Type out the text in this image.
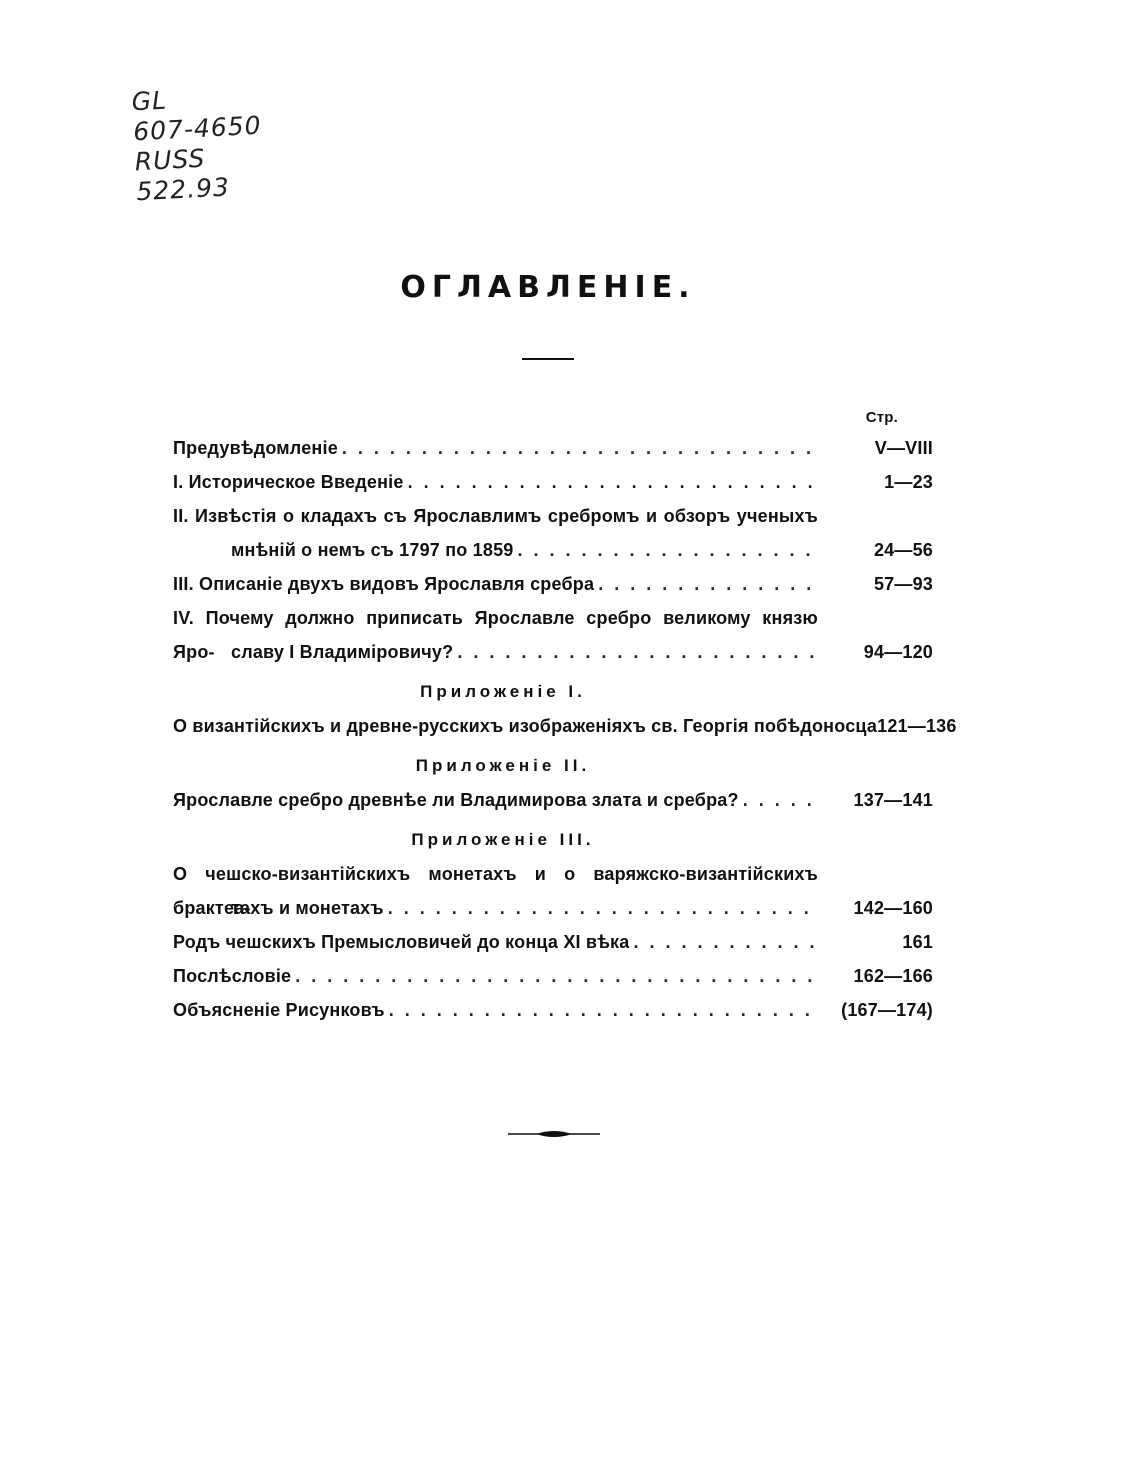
GL
607-4650
RUSS
522.93
ОГЛАВЛЕНІЕ.
Стр.
Предувѣдомленіе . . .	V—VIII
I. Историческое Введеніе . . .	1—23
II. Извѣстія о кладахъ съ Ярославлимъ сребромъ и обзоръ ученыхъ
мнѣній о немъ съ 1797 по 1859 . . .	24—56
III. Описаніе двухъ видовъ Ярославля сребра . . .	57—93
IV. Почему должно приписать Ярославле сребро великому князю Яро- славу I Владиміровичу? . . .	94—120
Приложеніе I.
О византійскихъ и древне-русскихъ изображеніяхъ св. Георгія побѣдоносца 121—136
Приложеніе II.
Ярославле сребро древнѣе ли Владимирова злата и сребра? . . .	137—141
Приложеніе III.
О чешско-византійскихъ монетахъ и о варяжско-византійскихъ брактеа-
тахъ и монетахъ . . .	142—160
Родъ чешскихъ Премысловичей до конца XI вѣка . . .	161
Послѣсловіе . . .	162—166
Объясненіе Рисунковъ . . .	(167—174)
